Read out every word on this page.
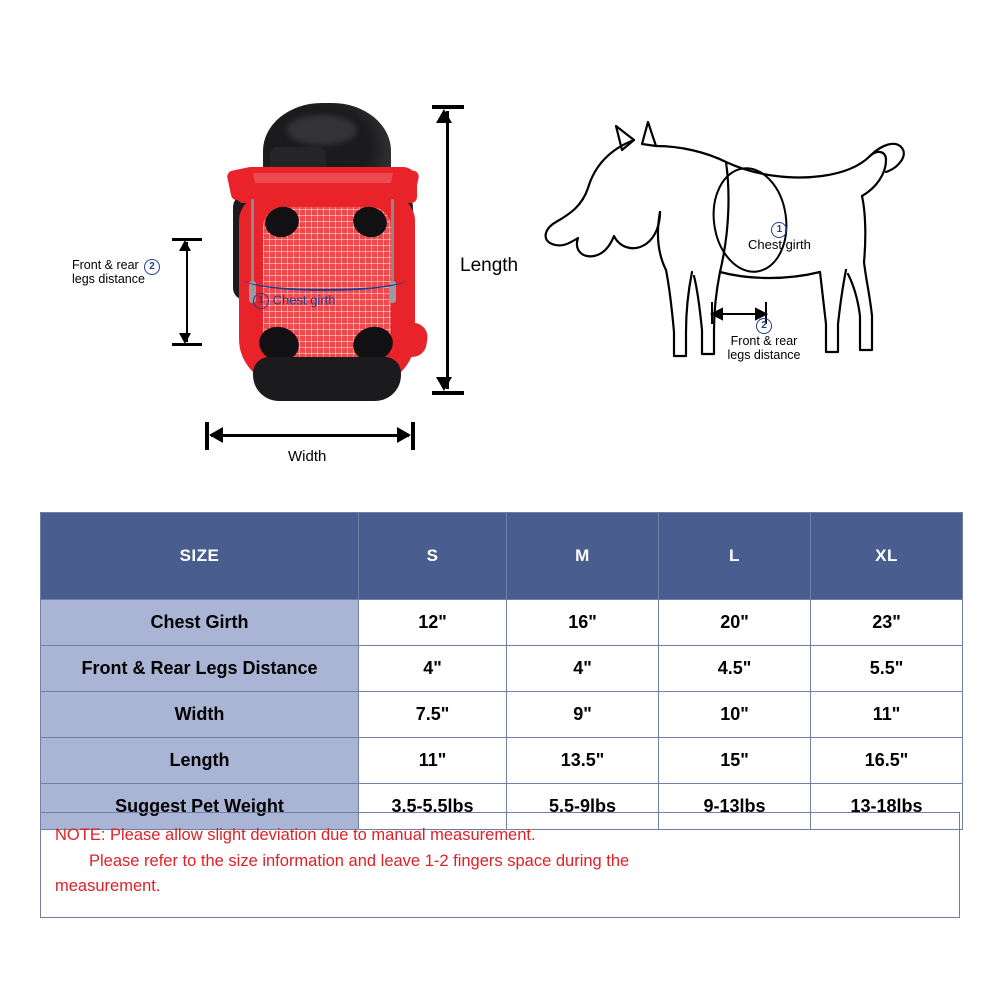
Length
Width
2
Front & rear
legs distance
1 Chest girth
1
Chest girth
2
Front & rear
legs distance
SIZE	S	M	L	XL
Chest Girth	12"	16"	20"	23"
Front & Rear Legs Distance	4"	4"	4.5"	5.5"
Width	7.5"	9"	10"	11"
Length	11"	13.5"	15"	16.5"
Suggest Pet Weight	3.5-5.5lbs	5.5-9lbs	9-13lbs	13-18lbs
NOTE: Please allow slight deviation due to manual measurement.
Please refer to the size information and leave 1-2 fingers space during the
measurement.
